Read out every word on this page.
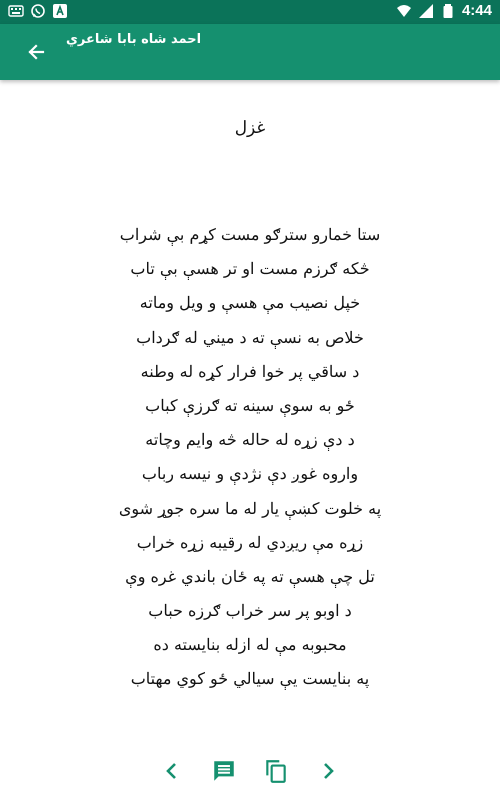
4:44
احمد شاه بابا شاعري
غزل
ستا خمارو سترګو مست کړم بې شراب
څکه ګرزم مست او تر هسې بې تاب
خپل نصیب مې هسې و ویل وماته
خلاص به نسې ته د میني له ګرداب
د ساقي پر خوا فرار کړه له وطنه
ځو به سوې سینه ته ګرزې کباب
د دې زړه له حاله څه وایم وچاته
واروه غوږ دې نژدې و نیسه رباب
په خلوت کښې یار له ما سره جوړ شوی
زړه مې ریږدي له رقیبه زړه خراب
تل چې هسې ته په ځان باندي غره وې
د اوبو پر سر خراب ګرزه حباب
محبوبه مې له ازله بنایسته ده
په بنایست یې سیالي ځو کوي مهتاب
